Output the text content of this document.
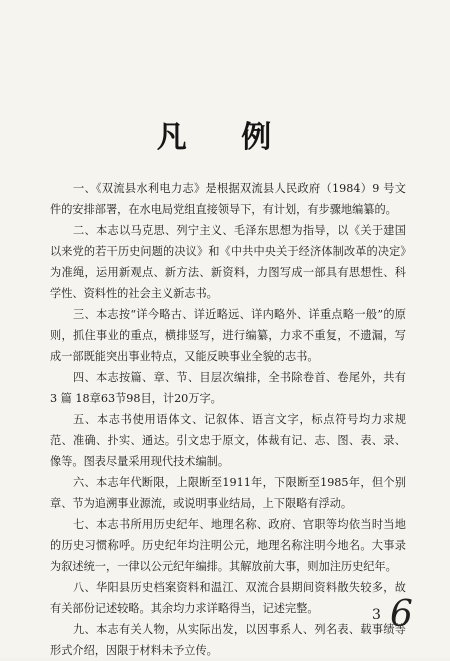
凡 例

一、《双流县水利电力志》是根据双流县人民政府（1984）9 号文件的安排部署，在水电局党组直接领导下，有计划，有步骤地编纂的。

二、本志以马克思、列宁主义、毛泽东思想为指导，以《关于建国以来党的若干历史问题的决议》和《中共中央关于经济体制改革的决定》为准绳，运用新观点、新方法、新资料，力图写成一部具有思想性、科学性、资料性的社会主义新志书。

三、本志按“详今略古、详近略远、详内略外、详重点略一般”的原则，抓住事业的重点，横排竖写，进行编纂，力求不重复，不遗漏，写成一部既能突出事业特点，又能反映事业全貌的志书。

四、本志按篇、章、节、目层次编排，全书除卷首、卷尾外，共有 3 篇 18章63节98目，计20万字。

五、本志书使用语体文、记叙体、语言文字，标点符号均力求规范、准确、扑实、通达。引文忠于原文，体裁有记、志、图、表、录、像等。图表尽量采用现代技术编制。

六、本志年代断限，上限断至1911年，下限断至1985年，但个别章、节为追溯事业源流，或说明事业结局，上下限略有浮动。

七、本志书所用历史纪年、地理名称、政府、官职等均依当时当地的历史习惯称呼。历史纪年均注明公元，地理名称注明今地名。大事录为叙述统一，一律以公元纪年编排。其解放前大事，则加注历史纪年。

八、华阳县历史档案资料和温江、双流合县期间资料散失较多，故有关部份记述较略。其余均力求详略得当，记述完整。

九、本志有关人物，从实际出发，以因事系人、列名表、载事绩等形式介绍，因限于材料未予立传。

3 6
